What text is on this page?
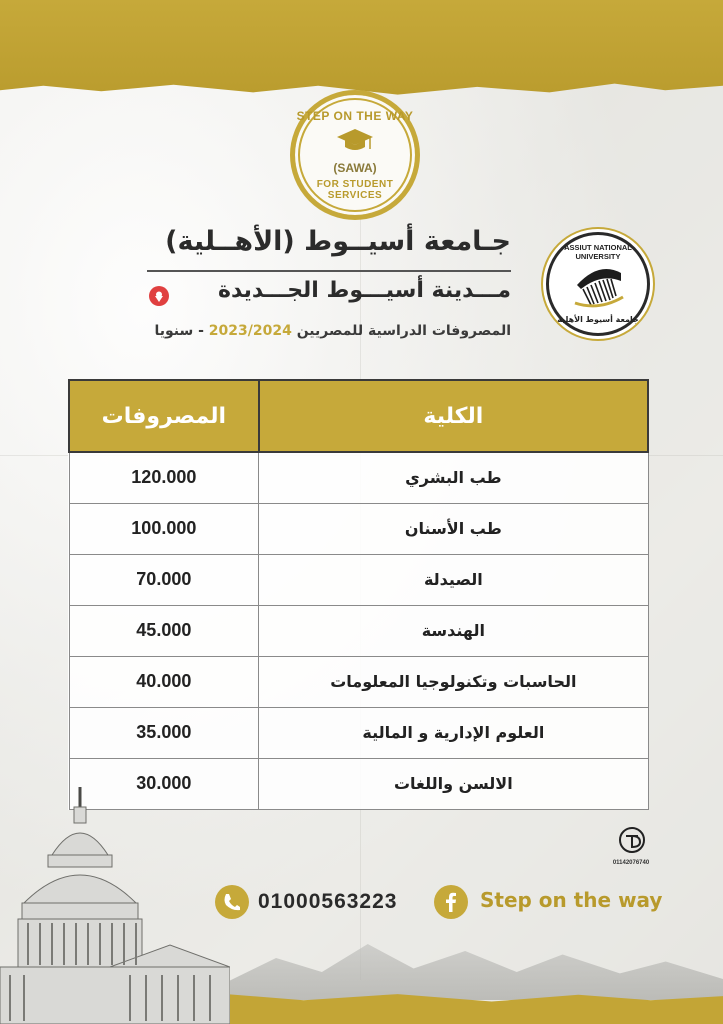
STEP ON THE WAY
(SAWA)
FOR STUDENT SERVICES
ASSIUT NATIONAL UNIVERSITY
جامعة أسيوط الأهلية
جـامعة أسيــوط (الأهــلية)
مـــدينة أسيـــوط الجـــديدة
المصروفات الدراسية للمصريين 2023/2024 - سنويا
الكلية	المصروفات
طب البشري	120.000
طب الأسنان	100.000
الصيدلة	70.000
الهندسة	45.000
الحاسبات وتكنولوجيا المعلومات	40.000
العلوم الإدارية و المالية	35.000
الالسن واللغات	30.000
01142076740
01000563223	Step on the way
